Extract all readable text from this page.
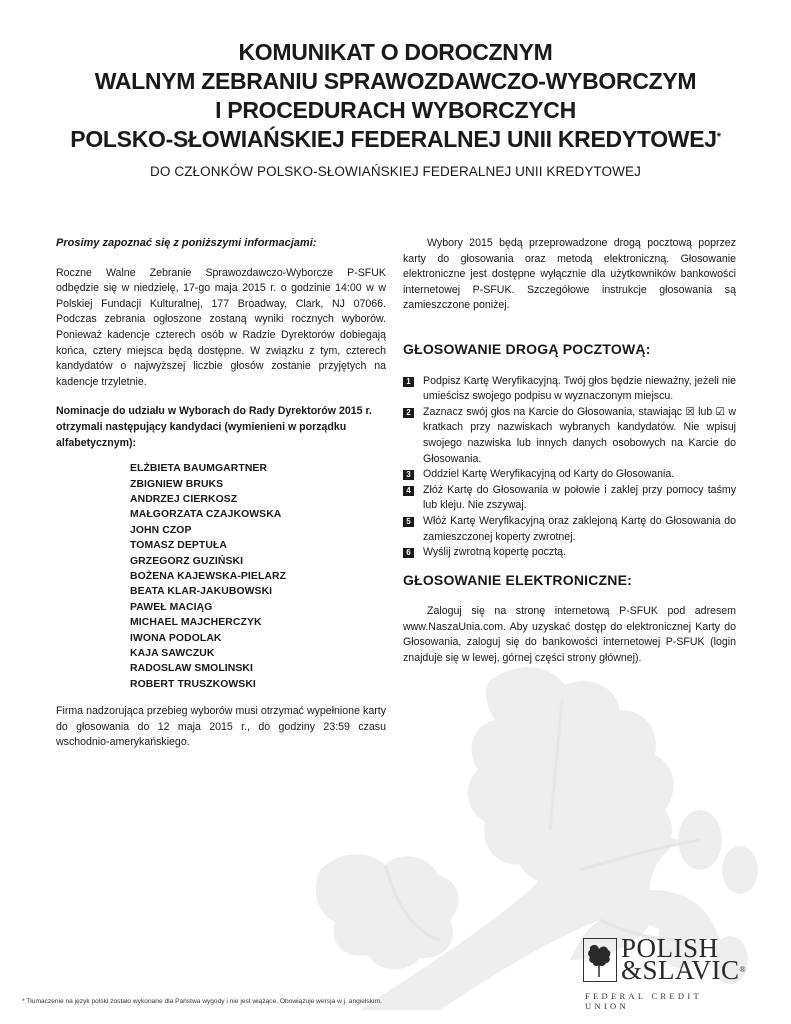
KOMUNIKAT O DOROCZNYM
WALNYM ZEBRANIU SPRAWOZDAWCZO-WYBORCZYM
I PROCEDURACH WYBORCZYCH
POLSKO-SŁOWIAŃSKIEJ FEDERALNEJ UNII KREDYTOWEJ*
DO CZŁONKÓW POLSKO-SŁOWIAŃSKIEJ FEDERALNEJ UNII KREDYTOWEJ
Prosimy zapoznać się z poniższymi informacjami:

Roczne Walne Zebranie Sprawozdawczo-Wyborcze P-SFUK odbędzie się w niedzielę, 17-go maja 2015 r. o godzinie 14:00 w w Polskiej Fundacji Kulturalnej, 177 Broadway, Clark, NJ 07066. Podczas zebrania ogłoszone zostaną wyniki rocznych wyborów. Ponieważ kadencje czterech osób w Radzie Dyrektorów dobiegają końca, cztery miejsca będą dostępne. W związku z tym, czterech kandydatów o najwyższej liczbie głosów zostanie przyjętych na kadencje trzyletnie.

Nominacje do udziału w Wyborach do Rady Dyrektorów 2015 r. otrzymali następujący kandydaci (wymienieni w porządku alfabetycznym):

ELŻBIETA BAUMGARTNER
ZBIGNIEW BRUKS
ANDRZEJ CIERKOSZ
MAŁGORZATA CZAJKOWSKA
JOHN CZOP
TOMASZ DEPTUŁA
GRZEGORZ GUZIŃSKI
BOŻENA KAJEWSKA-PIELARZ
BEATA KLAR-JAKUBOWSKI
PAWEŁ MACIĄG
MICHAEL MAJCHERCZYK
IWONA PODOLAK
KAJA SAWCZUK
RADOSLAW SMOLINSKI
ROBERT TRUSZKOWSKI

Firma nadzorująca przebieg wyborów musi otrzymać wypełnione karty do głosowania do 12 maja 2015 r., do godziny 23:59 czasu wschodnio-amerykańskiego.

Wybory 2015 będą przeprowadzone drogą pocztową poprzez karty do głosowania oraz metodą elektroniczną. Głosowanie elektroniczne jest dostępne wyłącznie dla użytkowników bankowości internetowej P-SFUK. Szczegółowe instrukcje głosowania są zamieszczone poniżej.

GŁOSOWANIE DROGĄ POCZTOWĄ:
1	Podpisz Kartę Weryfikacyjną. Twój głos będzie nieważny, jeżeli nie umieścisz swojego podpisu w wyznaczonym miejscu.
2	Zaznacz swój głos na Karcie do Głosowania, stawiając ☒ lub ☑ w kratkach przy nazwiskach wybranych kandydatów. Nie wpisuj swojego nazwiska lub innych danych osobowych na Karcie do Głosowania.
3	Oddziel Kartę Weryfikacyjną od Karty do Głosowania.
4	Złóż Kartę do Głosowania w połowie i zaklej przy pomocy taśmy lub kleju. Nie zszywaj.
5	Włóż Kartę Weryfikacyjną oraz zaklejoną Kartę do Głosowania do zamieszczonej koperty zwrotnej.
6	Wyślij zwrotną kopertę pocztą.
GŁOSOWANIE ELEKTRONICZNE:

Zaloguj się na stronę internetową P-SFUK pod adresem www.NaszaUnia.com. Aby uzyskać dostęp do elektronicznej Karty do Głosowania, zaloguj się do bankowości internetowej P-SFUK (login znajduje się w lewej, górnej części strony głównej).

POLISH
&SLAVIC®
FEDERAL CREDIT UNION
* Tłumaczenie na język polski zostało wykonane dla Państwa wygody i nie jest wiążące. Obowiązuje wersja w j. angielskim.
